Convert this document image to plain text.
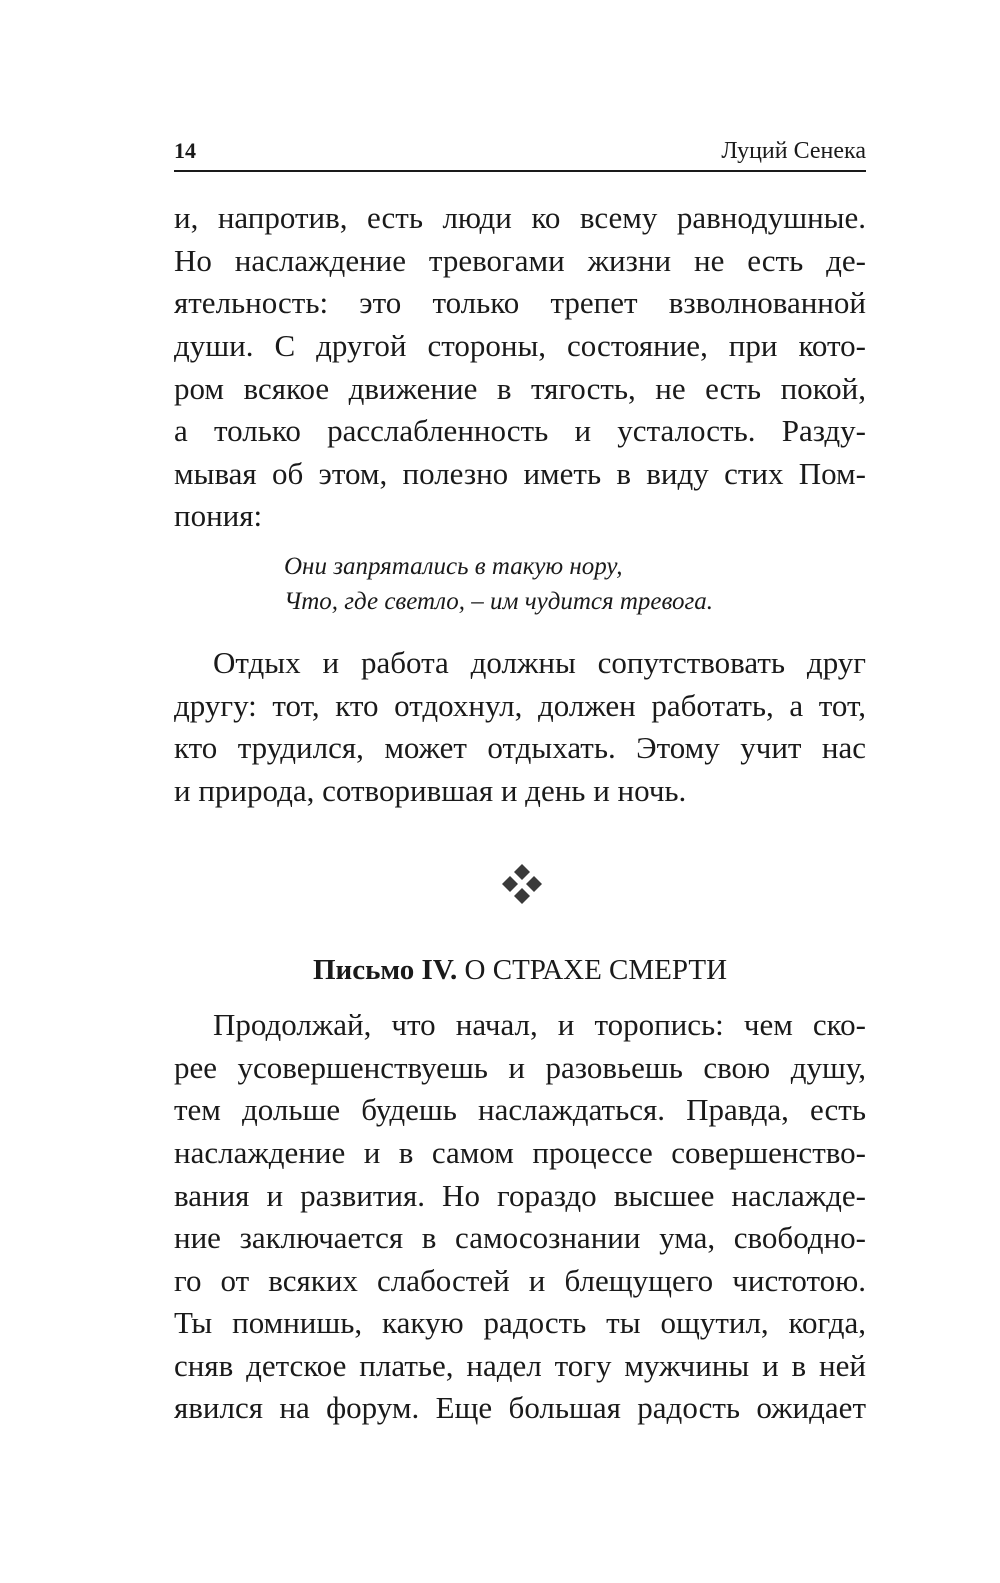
14	Луций Сенека

и, напротив, есть люди ко всему равнодушные.

Но наслаждение тревогами жизни не есть де-

ятельность: это только трепет взволнованной

души. С другой стороны, состояние, при кото-

ром всякое движение в тягость, не есть покой,

а только расслабленность и усталость. Разду-

мывая об этом, полезно иметь в виду стих Пом-

пония:

Они запрятались в такую нору,

Что, где светло, – им чудится тревога.

Отдых и работа должны сопутствовать друг

другу: тот, кто отдохнул, должен работать, а тот,

кто трудился, может отдыхать. Этому учит нас

и природа, сотворившая и день и ночь.

Письмо IV. О СТРАХЕ СМЕРТИ

Продолжай, что начал, и торопись: чем ско-

рее усовершенствуешь и разовьешь свою душу,

тем дольше будешь наслаждаться. Правда, есть

наслаждение и в самом процессе совершенство-

вания и развития. Но гораздо высшее наслажде-

ние заключается в самосознании ума, свободно-

го от всяких слабостей и блещущего чистотою.

Ты помнишь, какую радость ты ощутил, когда,

сняв детское платье, надел тогу мужчины и в ней

явился на форум. Еще большая радость ожидает
